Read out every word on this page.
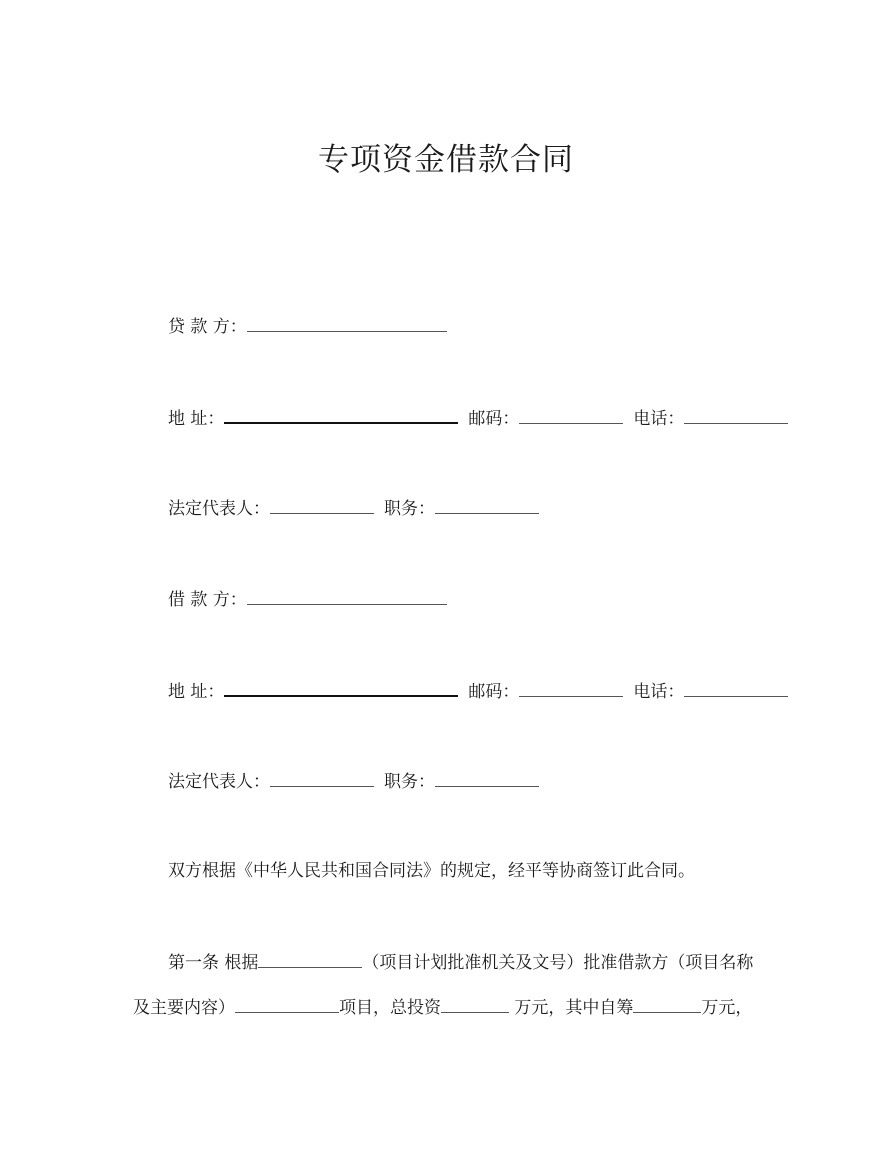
专项资金借款合同
贷 款 方：
地 址：	邮码：	电话：
法定代表人：	职务：
借 款 方：
地 址：	邮码：	电话：
法定代表人：	职务：
双方根据《中华人民共和国合同法》的规定，经平等协商签订此合同。
第一条 根据	（项目计划批准机关及文号）批准借款方（项目名称
及主要内容）	项目，总投资	万元，其中自筹	万元，
